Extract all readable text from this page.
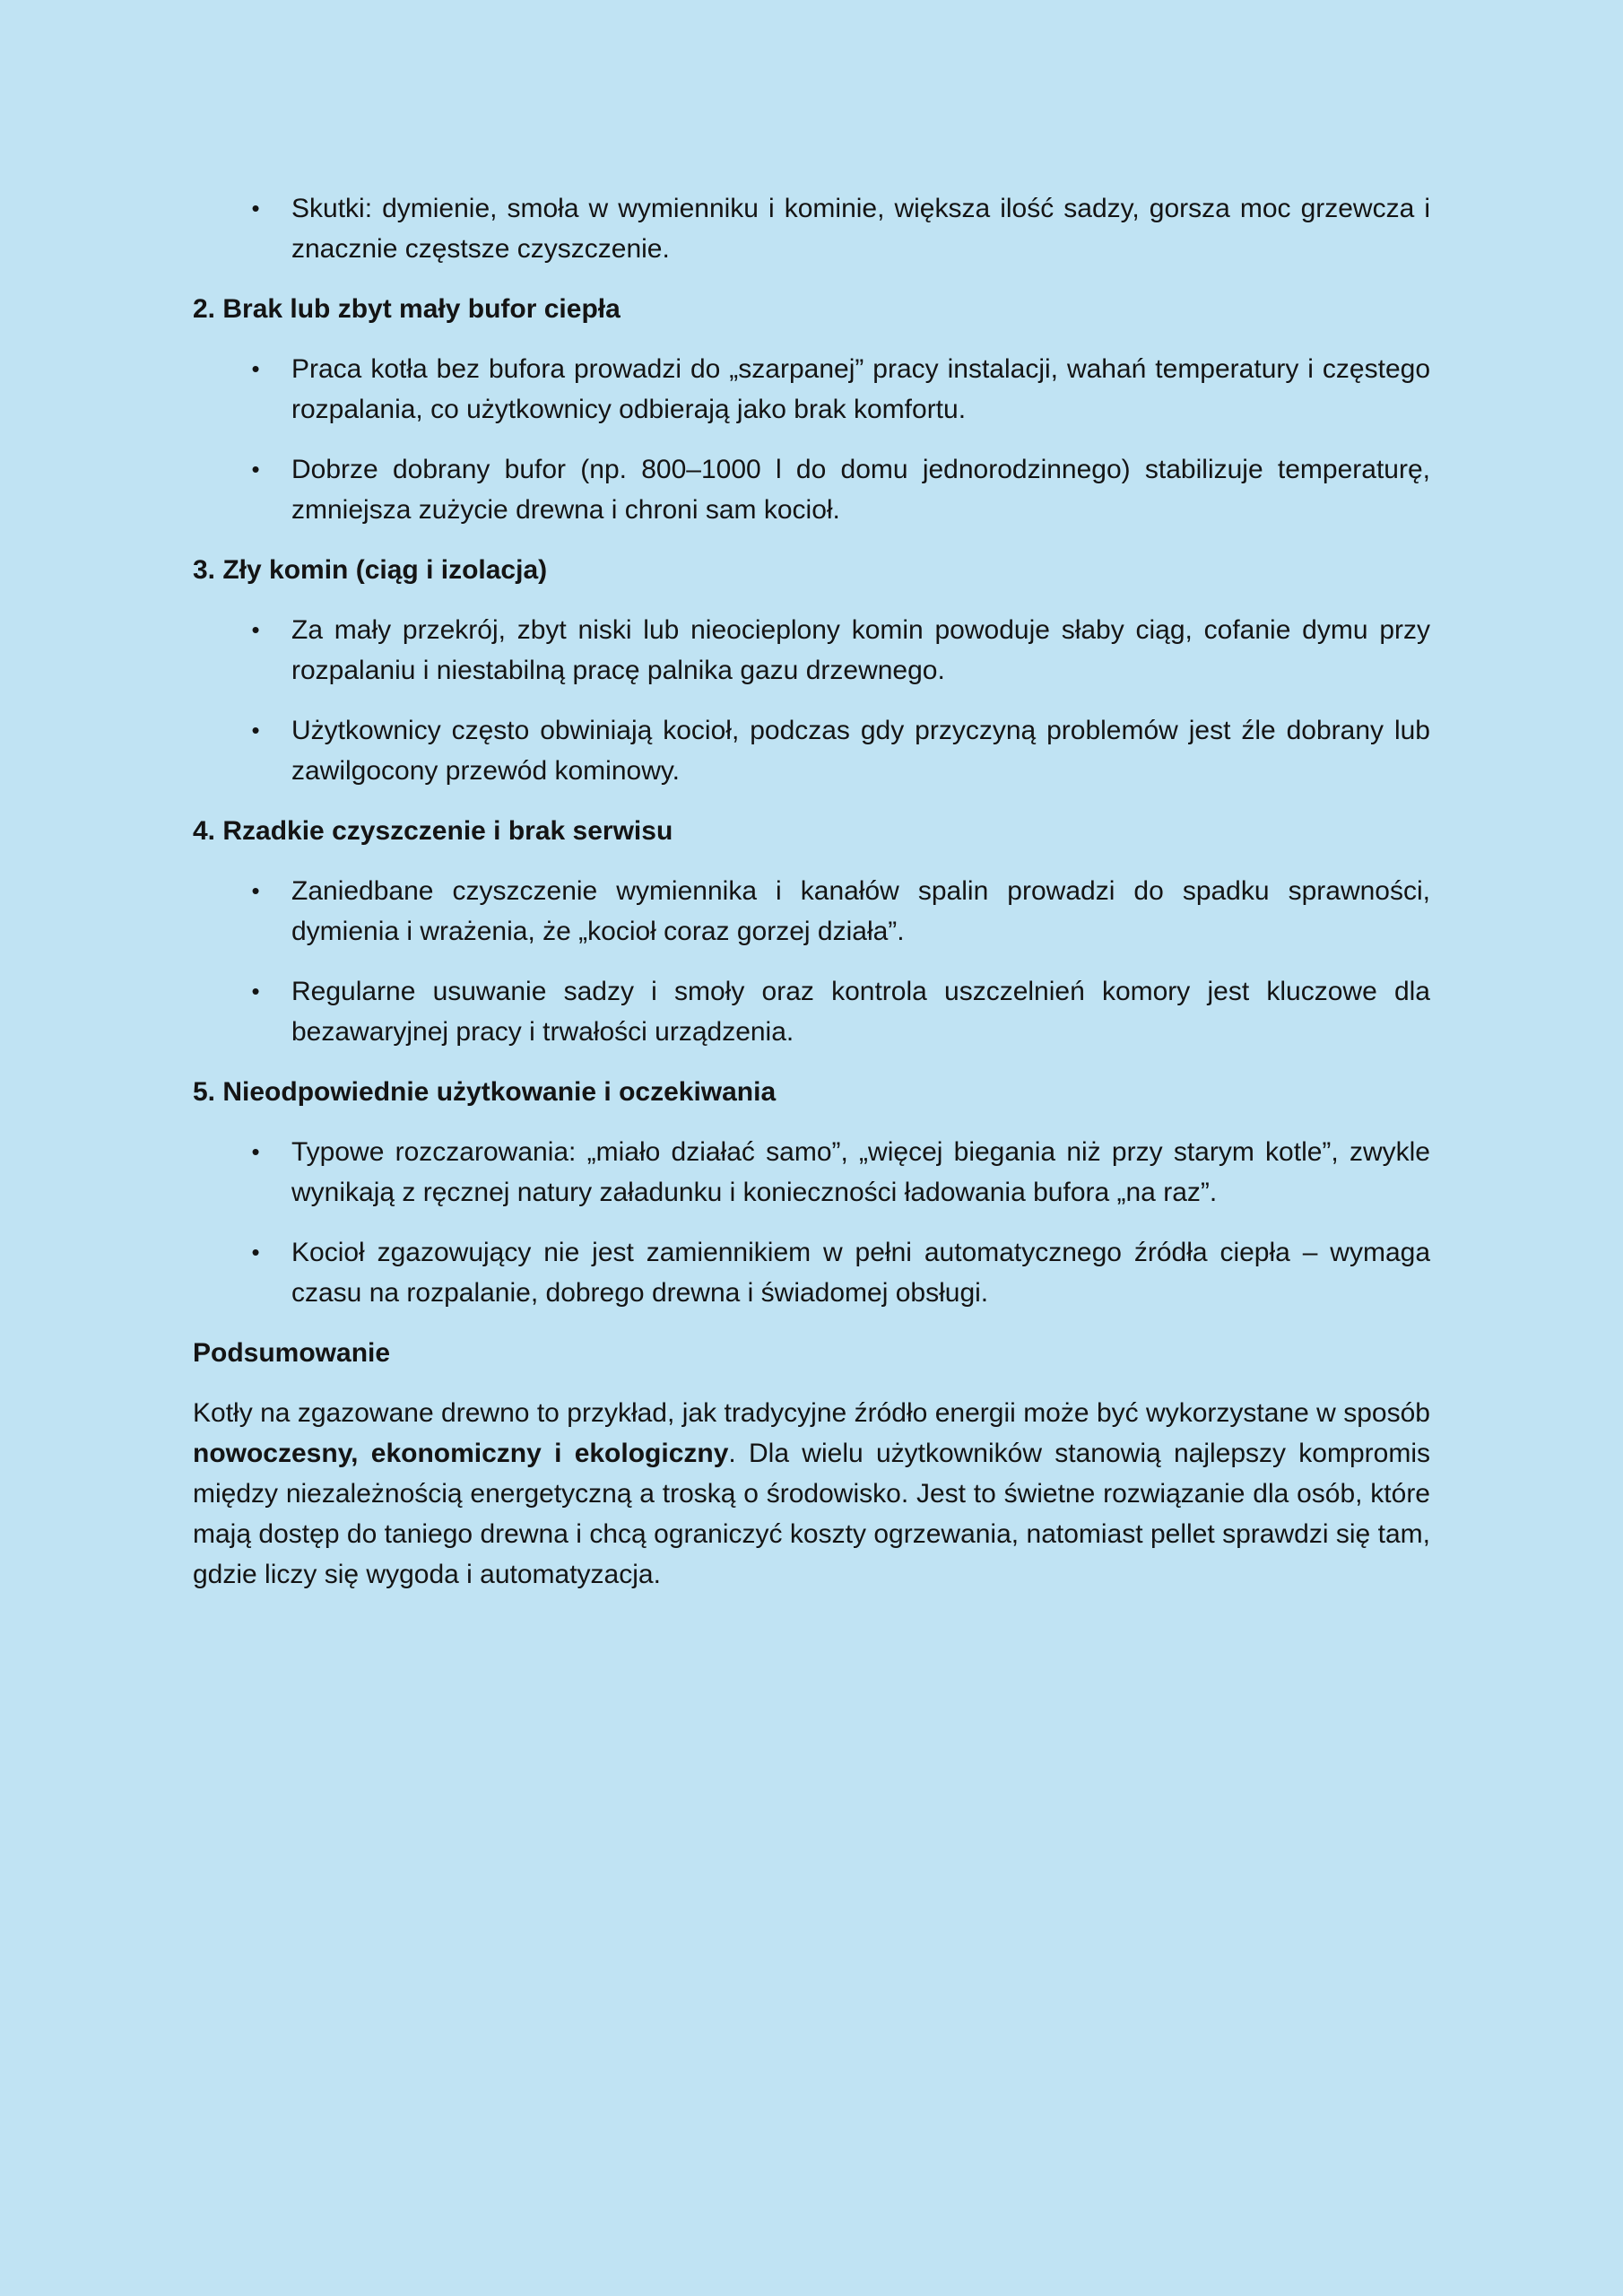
• Skutki: dymienie, smoła w wymienniku i kominie, większa ilość sadzy, gorsza moc grzewcza i znacznie częstsze czyszczenie.
2. Brak lub zbyt mały bufor ciepła
• Praca kotła bez bufora prowadzi do „szarpanej” pracy instalacji, wahań temperatury i częstego rozpalania, co użytkownicy odbierają jako brak komfortu.
• Dobrze dobrany bufor (np. 800–1000 l do domu jednorodzinnego) stabilizuje temperaturę, zmniejsza zużycie drewna i chroni sam kocioł.
3. Zły komin (ciąg i izolacja)
• Za mały przekrój, zbyt niski lub nieocieplony komin powoduje słaby ciąg, cofanie dymu przy rozpalaniu i niestabilną pracę palnika gazu drzewnego.
• Użytkownicy często obwiniają kocioł, podczas gdy przyczyną problemów jest źle dobrany lub zawilgocony przewód kominowy.
4. Rzadkie czyszczenie i brak serwisu
• Zaniedbane czyszczenie wymiennika i kanałów spalin prowadzi do spadku sprawności, dymienia i wrażenia, że „kocioł coraz gorzej działa”.
• Regularne usuwanie sadzy i smoły oraz kontrola uszczelnień komory jest kluczowe dla bezawaryjnej pracy i trwałości urządzenia.
5. Nieodpowiednie użytkowanie i oczekiwania
• Typowe rozczarowania: „miało działać samo”, „więcej biegania niż przy starym kotle”, zwykle wynikają z ręcznej natury załadunku i konieczności ładowania bufora „na raz”.
• Kocioł zgazowujący nie jest zamiennikiem w pełni automatycznego źródła ciepła – wymaga czasu na rozpalanie, dobrego drewna i świadomej obsługi.
Podsumowanie

Kotły na zgazowane drewno to przykład, jak tradycyjne źródło energii może być wykorzystane w sposób nowoczesny, ekonomiczny i ekologiczny. Dla wielu użytkowników stanowią najlepszy kompromis między niezależnością energetyczną a troską o środowisko. Jest to świetne rozwiązanie dla osób, które mają dostęp do taniego drewna i chcą ograniczyć koszty ogrzewania, natomiast pellet sprawdzi się tam, gdzie liczy się wygoda i automatyzacja.
